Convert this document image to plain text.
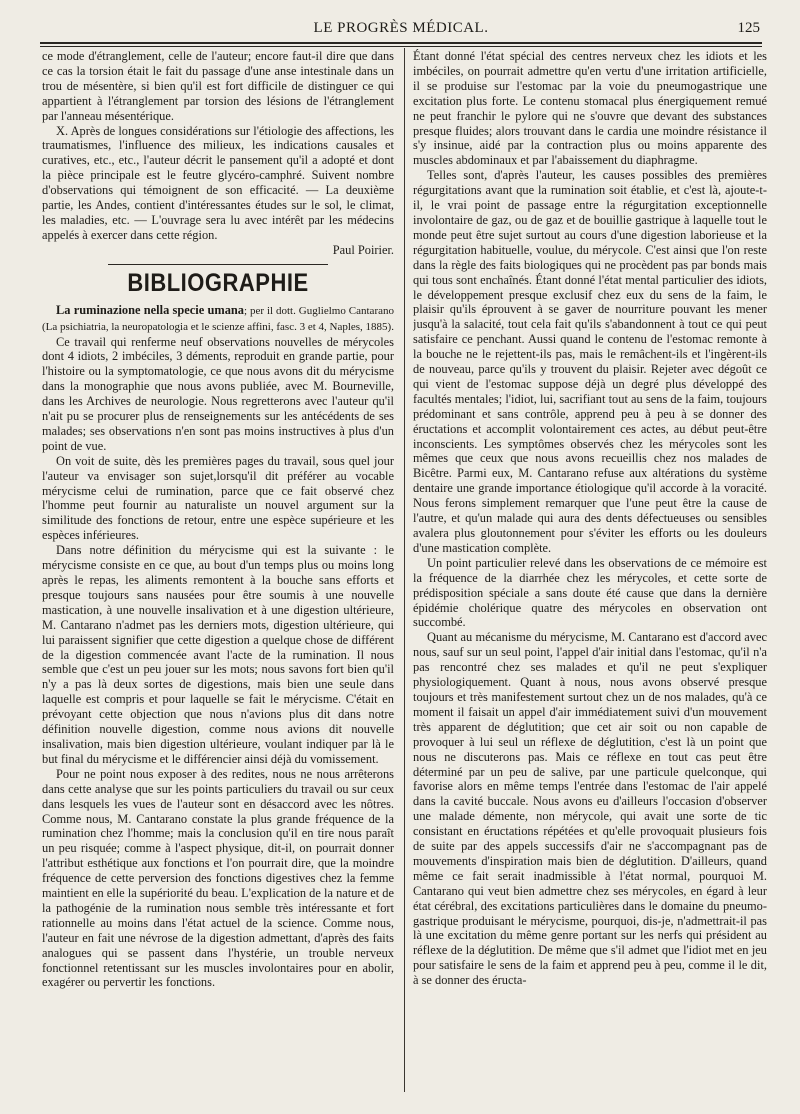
LE PROGRÈS MÉDICAL.	125

ce mode d'étranglement, celle de l'auteur; encore faut-il dire que dans ce cas la torsion était le fait du passage d'une anse intestinale dans un trou de mésentère, si bien qu'il est fort difficile de distinguer ce qui appartient à l'étranglement par torsion des lésions de l'étranglement par l'anneau mésentérique.

X. Après de longues considérations sur l'étiologie des affections, les traumatismes, l'influence des milieux, les indications causales et curatives, etc., etc., l'auteur décrit le pansement qu'il a adopté et dont la pièce principale est le feutre glycéro-camphré. Suivent nombre d'observations qui témoignent de son efficacité. — La deuxième partie, les Andes, contient d'intéressantes études sur le sol, le climat, les maladies, etc. — L'ouvrage sera lu avec intérêt par les médecins appelés à exercer dans cette région.

Paul Poirier.

BIBLIOGRAPHIE

La ruminazione nella specie umana; per il dott. Guglielmo Cantarano (La psichiatria, la neuropatologia et le scienze affini, fasc. 3 et 4, Naples, 1885).

Ce travail qui renferme neuf observations nouvelles de mérycoles dont 4 idiots, 2 imbéciles, 3 déments, reproduit en grande partie, pour l'histoire ou la symptomatologie, ce que nous avons dit du mérycisme dans la monographie que nous avons publiée, avec M. Bourneville, dans les Archives de neurologie. Nous regretterons avec l'auteur qu'il n'ait pu se procurer plus de renseignements sur les antécédents de ses malades; ses observations n'en sont pas moins instructives à plus d'un point de vue.

On voit de suite, dès les premières pages du travail, sous quel jour l'auteur va envisager son sujet,lorsqu'il dit préférer au vocable mérycisme celui de rumination, parce que ce fait observé chez l'homme peut fournir au naturaliste un nouvel argument sur la similitude des fonctions de retour, entre une espèce supérieure et les espèces inférieures.

Dans notre définition du mérycisme qui est la suivante : le mérycisme consiste en ce que, au bout d'un temps plus ou moins long après le repas, les aliments remontent à la bouche sans efforts et presque toujours sans nausées pour être soumis à une nouvelle mastication, à une nouvelle insalivation et à une digestion ultérieure, M. Cantarano n'admet pas les derniers mots, digestion ultérieure, qui lui paraissent signifier que cette digestion a quelque chose de différent de la digestion commencée avant l'acte de la rumination. Il nous semble que c'est un peu jouer sur les mots; nous savons fort bien qu'il n'y a pas là deux sortes de digestions, mais bien une seule dans laquelle est compris et pour laquelle se fait le mérycisme. C'était en prévoyant cette objection que nous n'avions plus dit dans notre définition nouvelle digestion, comme nous avions dit nouvelle insalivation, mais bien digestion ultérieure, voulant indiquer par là le but final du mérycisme et le différencier ainsi déjà du vomissement.

Pour ne point nous exposer à des redites, nous ne nous arrêterons dans cette analyse que sur les points particuliers du travail ou sur ceux dans lesquels les vues de l'auteur sont en désaccord avec les nôtres. Comme nous, M. Cantarano constate la plus grande fréquence de la rumination chez l'homme; mais la conclusion qu'il en tire nous paraît un peu risquée; comme à l'aspect physique, dit-il, on pourrait donner l'attribut esthétique aux fonctions et l'on pourrait dire, que la moindre fréquence de cette perversion des fonctions digestives chez la femme maintient en elle la supériorité du beau. L'explication de la nature et de la pathogénie de la rumination nous semble très intéressante et fort rationnelle au moins dans l'état actuel de la science. Comme nous, l'auteur en fait une névrose de la digestion admettant, d'après des faits analogues qui se passent dans l'hystérie, un trouble nerveux fonctionnel retentissant sur les muscles involontaires pour en abolir, exagérer ou pervertir les fonctions.

Étant donné l'état spécial des centres nerveux chez les idiots et les imbéciles, on pourrait admettre qu'en vertu d'une irritation artificielle, il se produise sur l'estomac par la voie du pneumogastrique une excitation plus forte. Le contenu stomacal plus énergiquement remué ne peut franchir le pylore qui ne s'ouvre que devant des substances presque fluides; alors trouvant dans le cardia une moindre résistance il s'y insinue, aidé par la contraction plus ou moins apparente des muscles abdominaux et par l'abaissement du diaphragme.

Telles sont, d'après l'auteur, les causes possibles des premières régurgitations avant que la rumination soit établie, et c'est là, ajoute-t-il, le vrai point de passage entre la régurgitation exceptionnelle involontaire de gaz, ou de gaz et de bouillie gastrique à laquelle tout le monde peut être sujet surtout au cours d'une digestion laborieuse et la régurgitation habituelle, voulue, du mérycole. C'est ainsi que l'on reste dans la règle des faits biologiques qui ne procèdent pas par bonds mais qui tous sont enchaînés. Étant donné l'état mental particulier des idiots, le développement presque exclusif chez eux du sens de la faim, le plaisir qu'ils éprouvent à se gaver de nourriture pouvant les mener jusqu'à la salacité, tout cela fait qu'ils s'abandonnent à tout ce qui peut satisfaire ce penchant. Aussi quand le contenu de l'estomac remonte à la bouche ne le rejettent-ils pas, mais le remâchent-ils et l'ingèrent-ils de nouveau, parce qu'ils y trouvent du plaisir. Rejeter avec dégoût ce qui vient de l'estomac suppose déjà un degré plus développé des facultés mentales; l'idiot, lui, sacrifiant tout au sens de la faim, toujours prédominant et sans contrôle, apprend peu à peu à se donner des éructations et accomplit volontairement ces actes, au début peut-être inconscients. Les symptômes observés chez les mérycoles sont les mêmes que ceux que nous avons recueillis chez nos malades de Bicêtre. Parmi eux, M. Cantarano refuse aux altérations du système dentaire une grande importance étiologique qu'il accorde à la voracité. Nous ferons simplement remarquer que l'une peut être la cause de l'autre, et qu'un malade qui aura des dents défectueuses ou sensibles avalera plus gloutonnement pour s'éviter les efforts ou les douleurs d'une mastication complète.

Un point particulier relevé dans les observations de ce mémoire est la fréquence de la diarrhée chez les mérycoles, et cette sorte de prédisposition spéciale a sans doute été cause que dans la dernière épidémie cholérique quatre des mérycoles en observation ont succombé.

Quant au mécanisme du mérycisme, M. Cantarano est d'accord avec nous, sauf sur un seul point, l'appel d'air initial dans l'estomac, qu'il n'a pas rencontré chez ses malades et qu'il ne peut s'expliquer physiologiquement. Quant à nous, nous avons observé presque toujours et très manifestement surtout chez un de nos malades, qu'à ce moment il faisait un appel d'air immédiatement suivi d'un mouvement très apparent de déglutition; que cet air soit ou non capable de provoquer à lui seul un réflexe de déglutition, c'est là un point que nous ne discuterons pas. Mais ce réflexe en tout cas peut être déterminé par un peu de salive, par une particule quelconque, qui favorise alors en même temps l'entrée dans l'estomac de l'air appelé dans la cavité buccale. Nous avons eu d'ailleurs l'occasion d'observer une malade démente, non mérycole, qui avait une sorte de tic consistant en éructations répétées et qu'elle provoquait plusieurs fois de suite par des appels successifs d'air ne s'accompagnant pas de mouvements d'inspiration mais bien de déglutition. D'ailleurs, quand même ce fait serait inadmissible à l'état normal, pourquoi M. Cantarano qui veut bien admettre chez ses mérycoles, en égard à leur état cérébral, des excitations particulières dans le domaine du pneumo-gastrique produisant le mérycisme, pourquoi, dis-je, n'admettrait-il pas là une excitation du même genre portant sur les nerfs qui président au réflexe de la déglutition. De même que s'il admet que l'idiot met en jeu pour satisfaire le sens de la faim et apprend peu à peu, comme il le dit, à se donner des éructa-
